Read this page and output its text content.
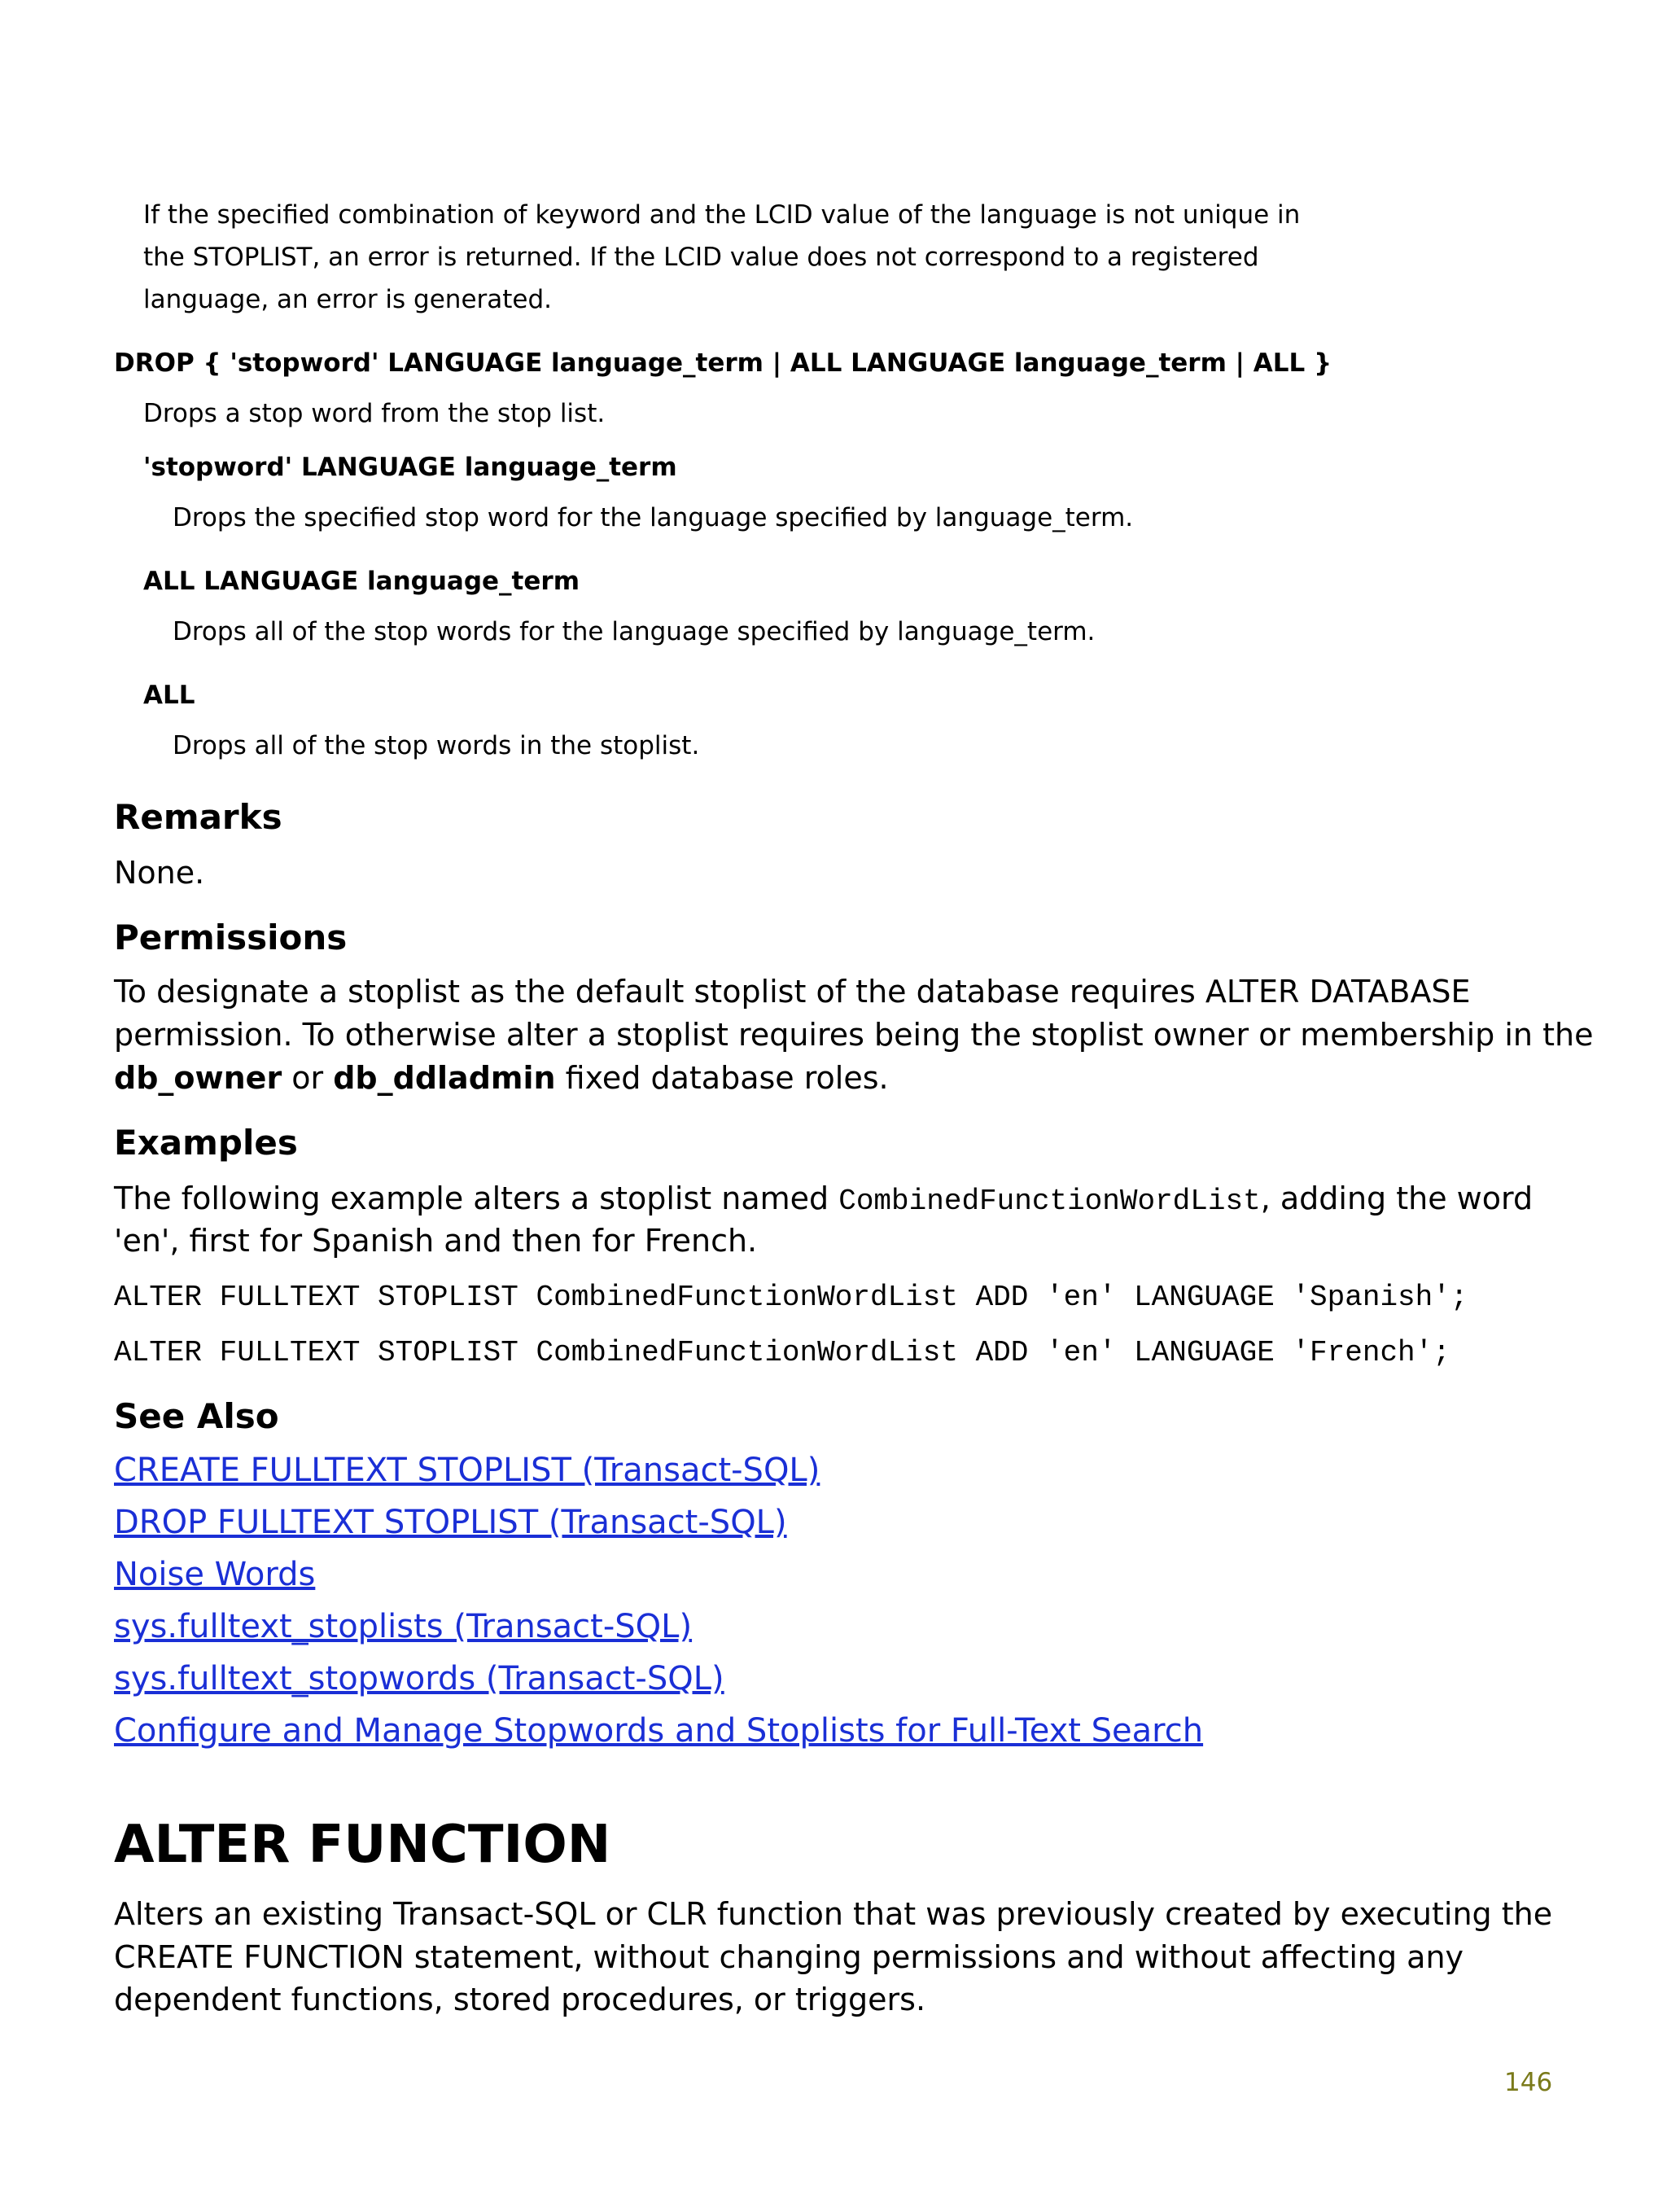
If the specified combination of keyword and the LCID value of the language is not unique in
the STOPLIST, an error is returned. If the LCID value does not correspond to a registered
language, an error is generated.
DROP { 'stopword' LANGUAGE language_term | ALL LANGUAGE language_term | ALL }
Drops a stop word from the stop list.
'stopword' LANGUAGE language_term
Drops the specified stop word for the language specified by language_term.
ALL LANGUAGE language_term
Drops all of the stop words for the language specified by language_term.
ALL
Drops all of the stop words in the stoplist.
Remarks
None.
Permissions
To designate a stoplist as the default stoplist of the database requires ALTER DATABASE
permission. To otherwise alter a stoplist requires being the stoplist owner or membership in the
db_owner or db_ddladmin fixed database roles.
Examples
The following example alters a stoplist named CombinedFunctionWordList, adding the word
'en', first for Spanish and then for French.
ALTER FULLTEXT STOPLIST CombinedFunctionWordList ADD 'en' LANGUAGE 'Spanish';
ALTER FULLTEXT STOPLIST CombinedFunctionWordList ADD 'en' LANGUAGE 'French';
See Also
CREATE FULLTEXT STOPLIST (Transact-SQL)
DROP FULLTEXT STOPLIST (Transact-SQL)
Noise Words
sys.fulltext_stoplists (Transact-SQL)
sys.fulltext_stopwords (Transact-SQL)
Configure and Manage Stopwords and Stoplists for Full-Text Search
ALTER FUNCTION
Alters an existing Transact-SQL or CLR function that was previously created by executing the
CREATE FUNCTION statement, without changing permissions and without affecting any
dependent functions, stored procedures, or triggers.
146
